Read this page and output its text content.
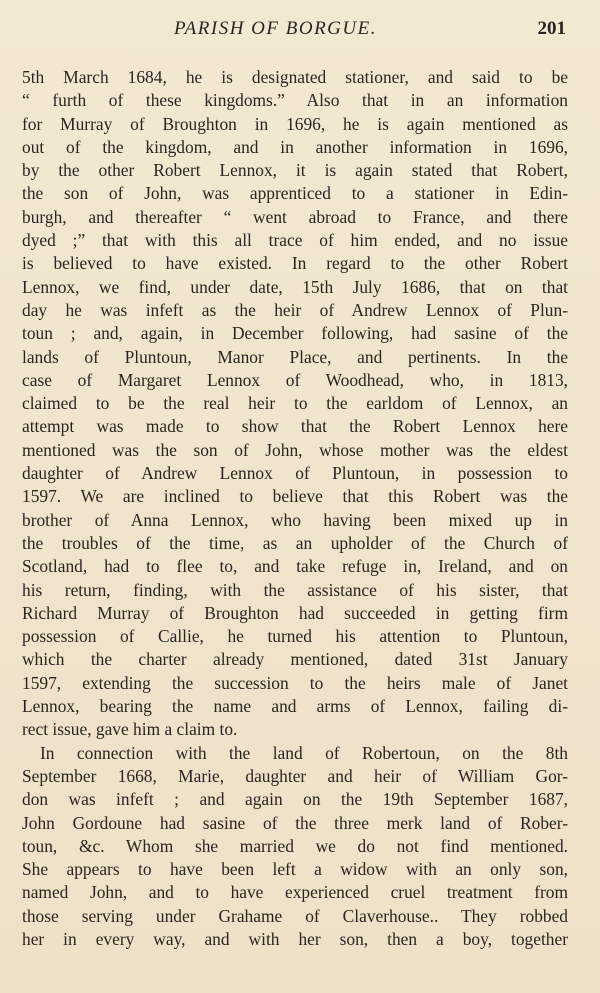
PARISH OF BORGUE.	201
5th March 1684, he is designated stationer, and said to be
“ furth of these kingdoms.” Also that in an information
for Murray of Broughton in 1696, he is again mentioned as
out of the kingdom, and in another information in 1696,
by the other Robert Lennox, it is again stated that Robert,
the son of John, was apprenticed to a stationer in Edin-
burgh, and thereafter “ went abroad to France, and there
dyed ;” that with this all trace of him ended, and no issue
is believed to have existed. In regard to the other Robert
Lennox, we find, under date, 15th July 1686, that on that
day he was infeft as the heir of Andrew Lennox of Plun-
toun ; and, again, in December following, had sasine of the
lands of Pluntoun, Manor Place, and pertinents. In the
case of Margaret Lennox of Woodhead, who, in 1813,
claimed to be the real heir to the earldom of Lennox, an
attempt was made to show that the Robert Lennox here
mentioned was the son of John, whose mother was the eldest
daughter of Andrew Lennox of Pluntoun, in possession to
1597. We are inclined to believe that this Robert was the
brother of Anna Lennox, who having been mixed up in
the troubles of the time, as an upholder of the Church of
Scotland, had to flee to, and take refuge in, Ireland, and on
his return, finding, with the assistance of his sister, that
Richard Murray of Broughton had succeeded in getting firm
possession of Callie, he turned his attention to Pluntoun,
which the charter already mentioned, dated 31st January
1597, extending the succession to the heirs male of Janet
Lennox, bearing the name and arms of Lennox, failing di-
rect issue, gave him a claim to.
In connection with the land of Robertoun, on the 8th
September 1668, Marie, daughter and heir of William Gor-
don was infeft ; and again on the 19th September 1687,
John Gordoune had sasine of the three merk land of Rober-
toun, &c. Whom she married we do not find mentioned.
She appears to have been left a widow with an only son,
named John, and to have experienced cruel treatment from
those serving under Grahame of Claverhouse.. They robbed
her in every way, and with her son, then a boy, together
